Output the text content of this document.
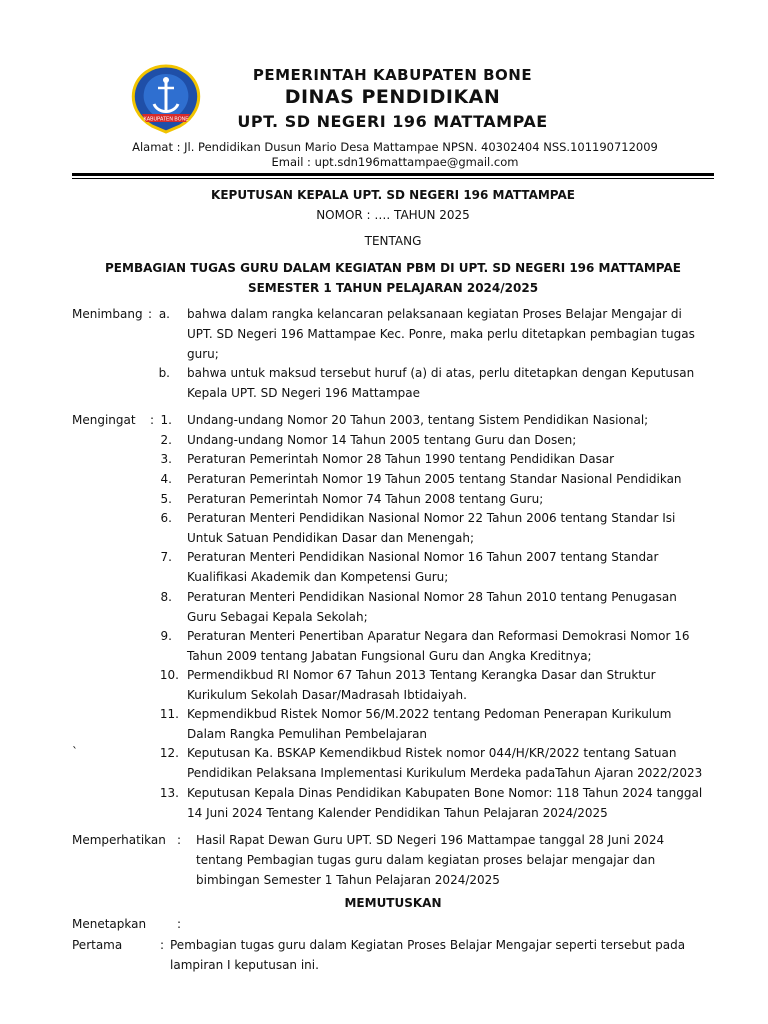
KABUPATEN BONE
PEMERINTAH KABUPATEN BONE
DINAS PENDIDIKAN
UPT. SD NEGERI 196 MATTAMPAE
Alamat : Jl. Pendidikan Dusun Mario Desa Mattampae NPSN. 40302404 NSS.101190712009
Email : upt.sdn196mattampae@gmail.com
KEPUTUSAN KEPALA UPT. SD NEGERI 196 MATTAMPAE
NOMOR : …. TAHUN 2025
TENTANG
PEMBAGIAN TUGAS GURU DALAM KEGIATAN PBM DI UPT. SD NEGERI 196 MATTAMPAE
SEMESTER 1 TAHUN PELAJARAN 2024/2025
Menimbang : a. bahwa dalam rangka kelancaran pelaksanaan kegiatan Proses Belajar Mengajar di
UPT. SD Negeri 196 Mattampae Kec. Ponre, maka perlu ditetapkan pembagian tugas
guru;
b. bahwa untuk maksud tersebut huruf (a) di atas, perlu ditetapkan dengan Keputusan
Kepala UPT. SD Negeri 196 Mattampae
Mengingat :
`
1. Undang-undang Nomor 20 Tahun 2003, tentang Sistem Pendidikan Nasional;
2. Undang-undang Nomor 14 Tahun 2005 tentang Guru dan Dosen;
3. Peraturan Pemerintah Nomor 28 Tahun 1990 tentang Pendidikan Dasar
4. Peraturan Pemerintah Nomor 19 Tahun 2005 tentang Standar Nasional Pendidikan
5. Peraturan Pemerintah Nomor 74 Tahun 2008 tentang Guru;
6. Peraturan Menteri Pendidikan Nasional Nomor 22 Tahun 2006 tentang Standar Isi
Untuk Satuan Pendidikan Dasar dan Menengah;
7. Peraturan Menteri Pendidikan Nasional Nomor 16 Tahun 2007 tentang Standar
Kualifikasi Akademik dan Kompetensi Guru;
8. Peraturan Menteri Pendidikan Nasional Nomor 28 Tahun 2010 tentang Penugasan
Guru Sebagai Kepala Sekolah;
9. Peraturan Menteri Penertiban Aparatur Negara dan Reformasi Demokrasi Nomor 16
Tahun 2009 tentang Jabatan Fungsional Guru dan Angka Kreditnya;
10. Permendikbud RI Nomor 67 Tahun 2013 Tentang Kerangka Dasar dan Struktur
Kurikulum Sekolah Dasar/Madrasah Ibtidaiyah.
11. Kepmendikbud Ristek Nomor 56/M.2022 tentang Pedoman Penerapan Kurikulum
Dalam Rangka Pemulihan Pembelajaran
12. Keputusan Ka. BSKAP Kemendikbud Ristek nomor 044/H/KR/2022 tentang Satuan
Pendidikan Pelaksana Implementasi Kurikulum Merdeka padaTahun Ajaran 2022/2023
13. Keputusan Kepala Dinas Pendidikan Kabupaten Bone Nomor: 118 Tahun 2024 tanggal
14 Juni 2024 Tentang Kalender Pendidikan Tahun Pelajaran 2024/2025
Memperhatikan : Hasil Rapat Dewan Guru UPT. SD Negeri 196 Mattampae tanggal 28 Juni 2024
tentang Pembagian tugas guru dalam kegiatan proses belajar mengajar dan
bimbingan Semester 1 Tahun Pelajaran 2024/2025
MEMUTUSKAN
Menetapkan	:
Pertama	: Pembagian tugas guru dalam Kegiatan Proses Belajar Mengajar seperti tersebut pada
lampiran I keputusan ini.
